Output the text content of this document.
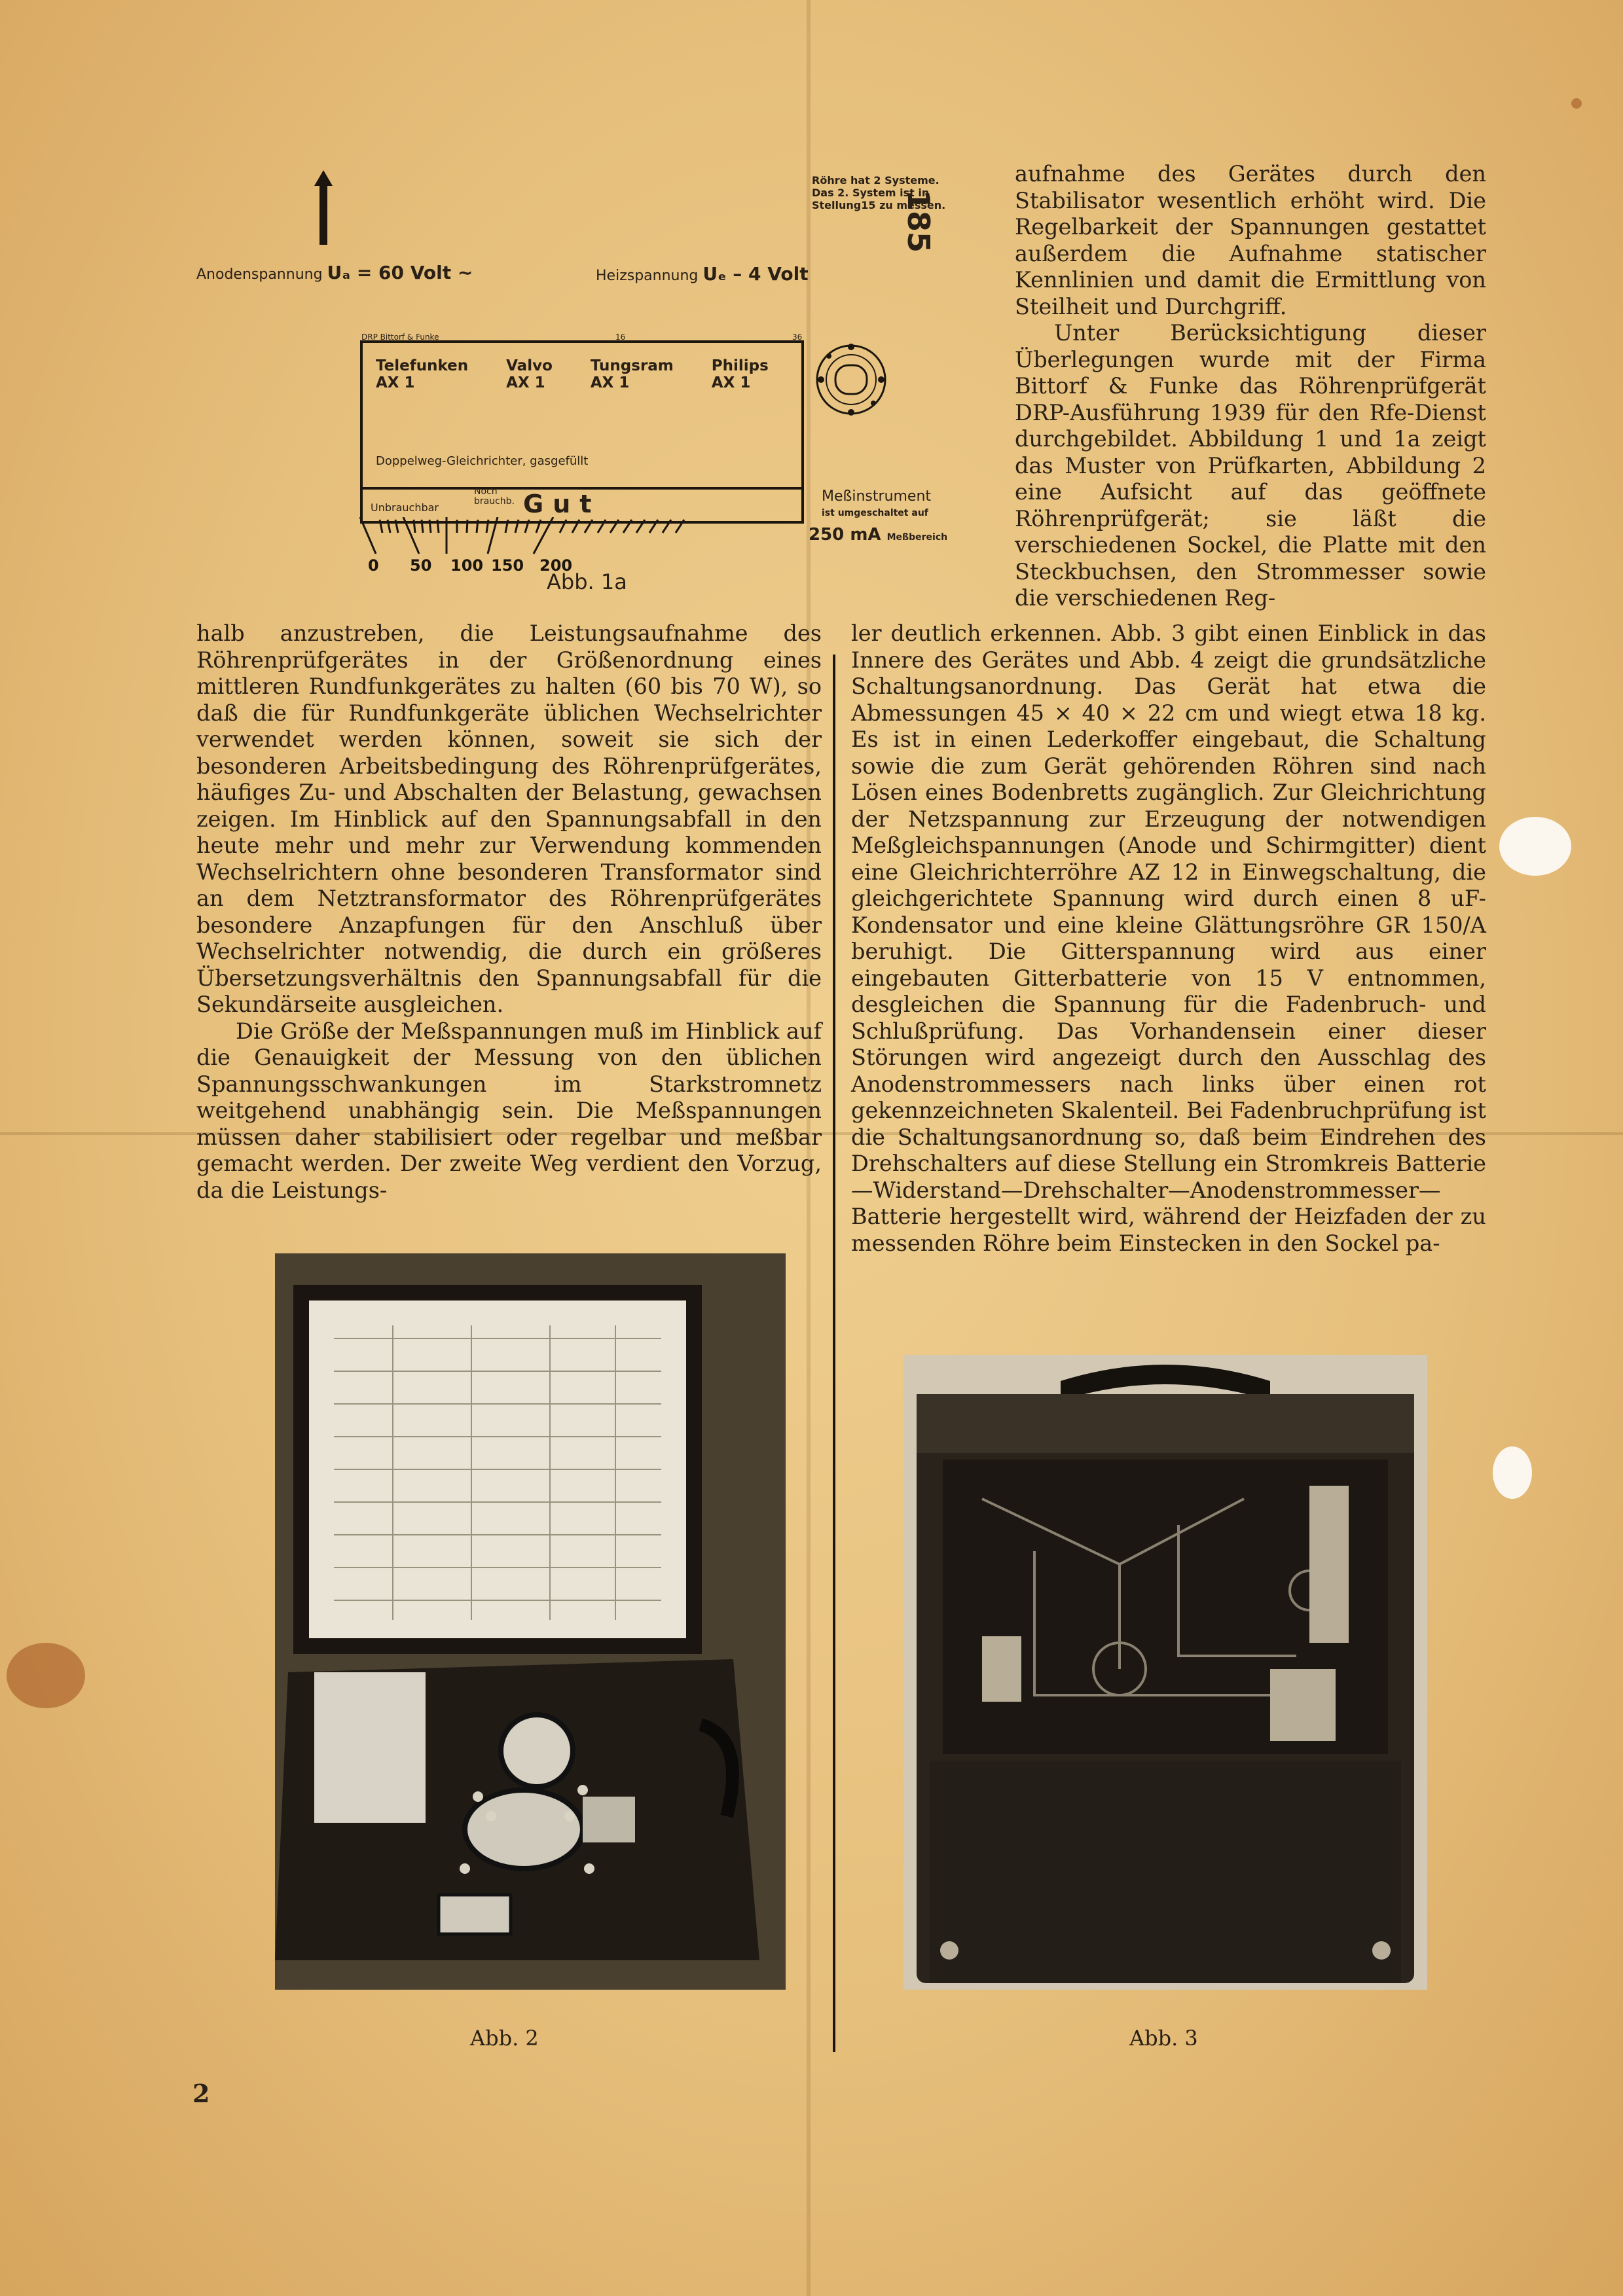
Anodenspannung Uₐ = 60 Volt ∼	Heizspannung Uₑ – 4 Volt
Röhre hat 2 Systeme.
Das 2. System ist in
Stellung15 zu messen.
185
DRP Bittorf & Funke	16	36
Telefunken
AX 1
Valvo
AX 1
Tungsram
AX 1
Philips
AX 1
Doppelweg-Gleichrichter, gasgefüllt
Unbrauchbar
Noch
brauchb. Gut
0 50 100 150 200
Meßinstrument
ist umgeschaltet auf
250 mA Meßbereich
Abb. 1a

aufnahme des Gerätes durch den Stabilisator wesentlich erhöht wird. Die Regelbarkeit der Spannungen gestattet außerdem die Aufnahme statischer Kennlinien und damit die Ermittlung von Steilheit und Durchgriff.

Unter Berücksichtigung dieser Überlegungen wurde mit der Firma Bittorf & Funke das Röhrenprüfgerät DRP-Ausführung 1939 für den Rfe-Dienst durchgebildet. Abbildung 1 und 1a zeigt das Muster von Prüfkarten, Abbildung 2 eine Aufsicht auf das geöffnete Röhrenprüfgerät; sie läßt die verschiedenen Sockel, die Platte mit den Steckbuchsen, den Strommesser sowie die verschiedenen Reg-

halb anzustreben, die Leistungsaufnahme des Röhrenprüfgerätes in der Größenordnung eines mittleren Rundfunkgerätes zu halten (60 bis 70 W), so daß die für Rundfunkgeräte üblichen Wechselrichter verwendet werden können, soweit sie sich der besonderen Arbeitsbedingung des Röhrenprüfgerätes, häufiges Zu- und Abschalten der Belastung, gewachsen zeigen. Im Hinblick auf den Spannungsabfall in den heute mehr und mehr zur Verwendung kommenden Wechselrichtern ohne besonderen Transformator sind an dem Netztransformator des Röhrenprüfgerätes besondere Anzapfungen für den Anschluß über Wechselrichter notwendig, die durch ein größeres Übersetzungsverhältnis den Spannungsabfall für die Sekundärseite ausgleichen.

Die Größe der Meßspannungen muß im Hinblick auf die Genauigkeit der Messung von den üblichen Spannungsschwankungen im Starkstromnetz weitgehend unabhängig sein. Die Meßspannungen müssen daher stabilisiert oder regelbar und meßbar gemacht werden. Der zweite Weg verdient den Vorzug, da die Leistungs-

ler deutlich erkennen. Abb. 3 gibt einen Einblick in das Innere des Gerätes und Abb. 4 zeigt die grundsätzliche Schaltungsanordnung. Das Gerät hat etwa die Abmessungen 45 × 40 × 22 cm und wiegt etwa 18 kg. Es ist in einen Lederkoffer eingebaut, die Schaltung sowie die zum Gerät gehörenden Röhren sind nach Lösen eines Bodenbretts zugänglich. Zur Gleichrichtung der Netzspannung zur Erzeugung der notwendigen Meßgleichspannungen (Anode und Schirmgitter) dient eine Gleichrichterröhre AZ 12 in Einwegschaltung, die gleichgerichtete Spannung wird durch einen 8 uF-Kondensator und eine kleine Glättungsröhre GR 150/A beruhigt. Die Gitterspannung wird aus einer eingebauten Gitterbatterie von 15 V entnommen, desgleichen die Spannung für die Fadenbruch- und Schlußprüfung. Das Vorhandensein einer dieser Störungen wird angezeigt durch den Ausschlag des Anodenstrommessers nach links über einen rot gekennzeichneten Skalenteil. Bei Fadenbruchprüfung ist die Schaltungsanordnung so, daß beim Eindrehen des Drehschalters auf diese Stellung ein Stromkreis Batterie—Widerstand—Drehschalter—Anodenstrommesser—Batterie hergestellt wird, während der Heizfaden der zu messenden Röhre beim Einstecken in den Sockel pa-

Abb. 2	Abb. 3
2
